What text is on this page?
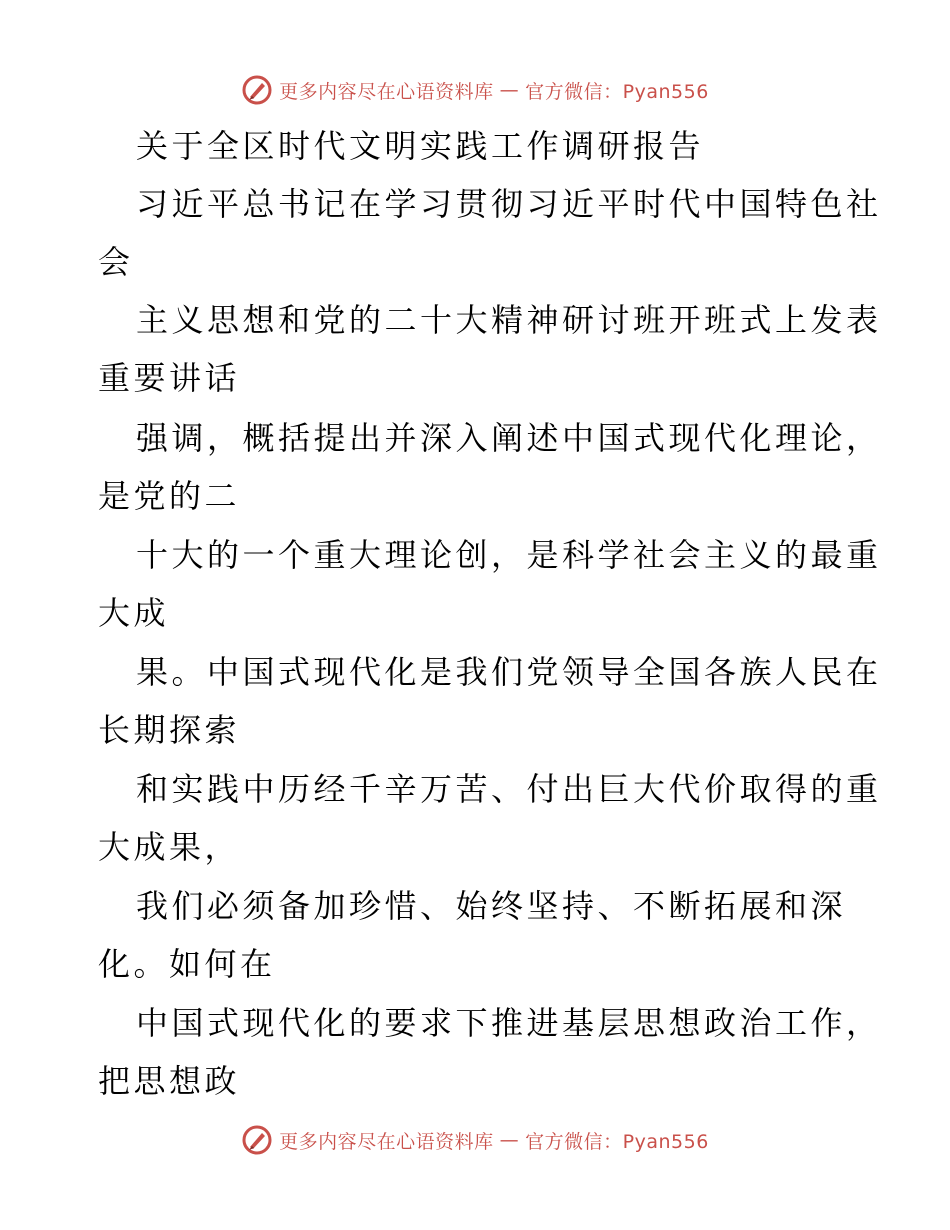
更多内容尽在心语资料库 — 官方微信：Pyan556
关于全区时代文明实践工作调研报告
习近平总书记在学习贯彻习近平时代中国特色社
会
主义思想和党的二十大精神研讨班开班式上发表
重要讲话
强调，概括提出并深入阐述中国式现代化理论，
是党的二
十大的一个重大理论创，是科学社会主义的最重
大成
果。中国式现代化是我们党领导全国各族人民在
长期探索
和实践中历经千辛万苦、付出巨大代价取得的重
大成果，
我们必须备加珍惜、始终坚持、不断拓展和深
化。如何在
中国式现代化的要求下推进基层思想政治工作，
把思想政
更多内容尽在心语资料库 — 官方微信：Pyan556
